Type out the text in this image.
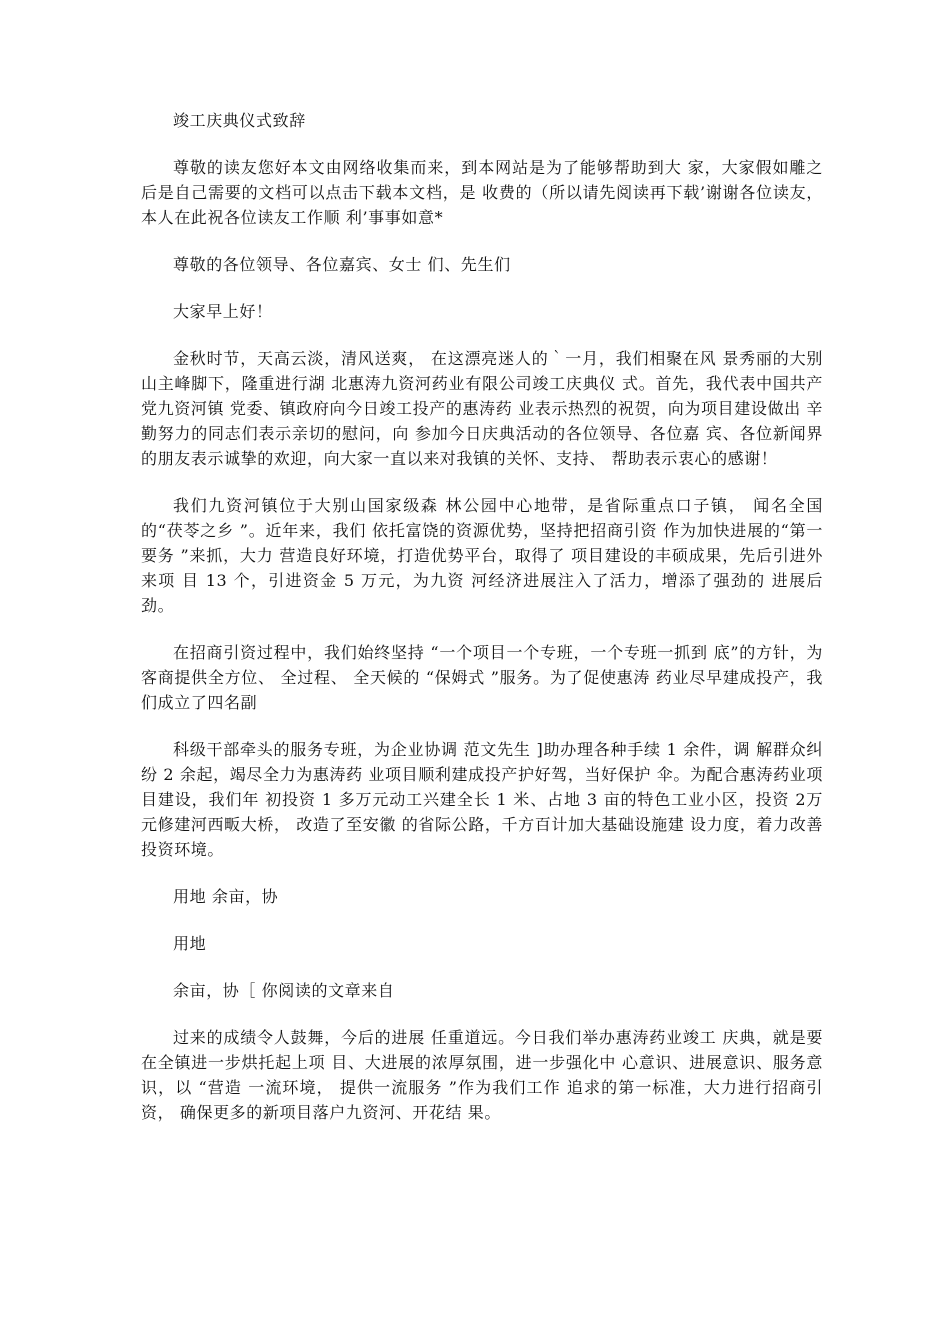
竣工庆典仪式致辞

尊敬的读友您好本文由网络收集而来，到本网站是为了能够帮助到大 家，大家假如雕之后是自己需要的文档可以点击下载本文档，是 收费的（所以请先阅读再下载’谢谢各位读友，本人在此祝各位读友工作顺 利’事事如意*

尊敬的各位领导、各位嘉宾、女士 们、先生们

大家早上好！

金秋时节，天高云淡，清风送爽， 在这漂亮迷人的｀一月，我们相聚在风 景秀丽的大别山主峰脚下，隆重进行湖 北惠涛九资河药业有限公司竣工庆典仪 式。首先，我代表中国共产党九资河镇 党委、镇政府向今日竣工投产的惠涛药 业表示热烈的祝贺，向为项目建设做出 辛勤努力的同志们表示亲切的慰问，向 参加今日庆典活动的各位领导、各位嘉 宾、各位新闻界的朋友表示诚挚的欢迎，向大家一直以来对我镇的关怀、支持、 帮助表示衷心的感谢！

我们九资河镇位于大别山国家级森 林公园中心地带，是省际重点口子镇， 闻名全国的“茯苓之乡 ”。近年来，我们 依托富饶的资源优势，坚持把招商引资 作为加快进展的“第一要务 ”来抓，大力 营造良好环境，打造优势平台，取得了 项目建设的丰硕成果，先后引进外来项 目 13 个，引进资金 5 万元，为九资 河经济进展注入了活力，增添了强劲的 进展后劲。

在招商引资过程中，我们始终坚持 “一个项目一个专班，一个专班一抓到 底”的方针，为客商提供全方位、 全过程、 全天候的 “保姆式 ”服务。为了促使惠涛 药业尽早建成投产，我们成立了四名副

科级干部牵头的服务专班，为企业协调 范文先生 ]助办理各种手续 1 余件，调 解群众纠纷 2 余起，竭尽全力为惠涛药 业项目顺利建成投产护好驾，当好保护 伞。为配合惠涛药业项目建设，我们年 初投资 1 多万元动工兴建全长 1 米、占地 3 亩的特色工业小区，投资 2万元修建河西畈大桥， 改造了至安徽 的省际公路，千方百计加大基础设施建 设力度，着力改善投资环境。

用地 余亩，协

用地

余亩，协［ 你阅读的文章来自

过来的成绩令人鼓舞，今后的进展 任重道远。今日我们举办惠涛药业竣工 庆典，就是要在全镇进一步烘托起上项 目、大进展的浓厚氛围，进一步强化中 心意识、进展意识、服务意识，以 “营造 一流环境， 提供一流服务 ”作为我们工作 追求的第一标准，大力进行招商引资， 确保更多的新项目落户九资河、开花结 果。
